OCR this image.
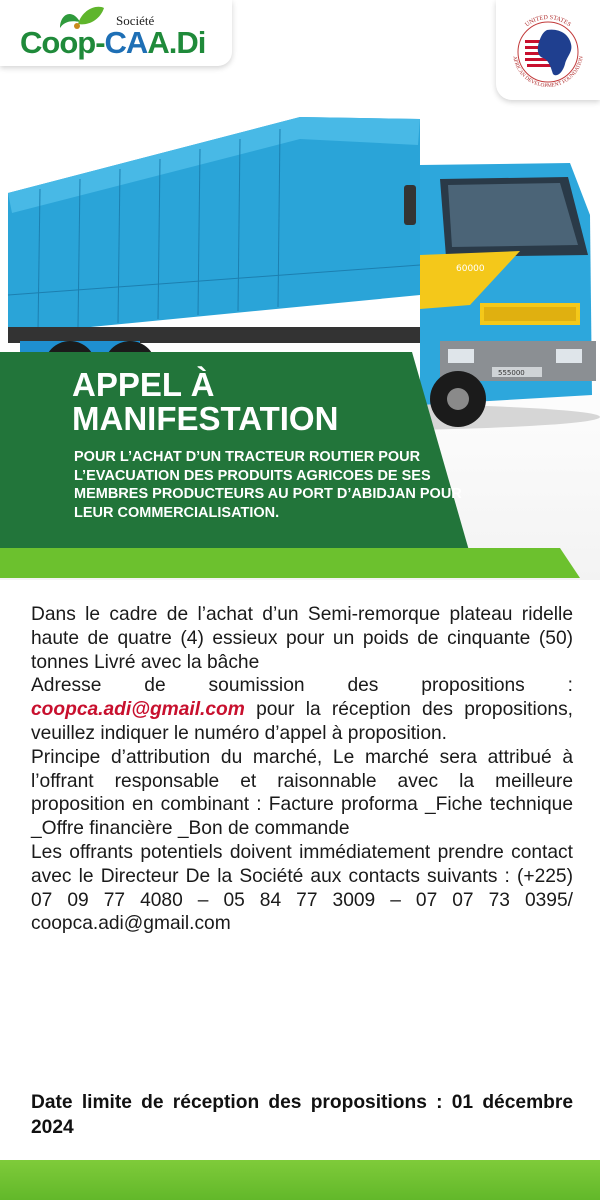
Société
Coop-CAA.Di
UNITED STATES
AFRICAN DEVELOPMENT FOUNDATION
555000
60000
APPEL À
MANIFESTATION
POUR L’ACHAT D’UN TRACTEUR ROUTIER POUR L’EVACUATION DES PRODUITS AGRICOES DE SES MEMBRES PRODUCTEURS AU PORT D’ABIDJAN POUR LEUR COMMERCIALISATION.

Dans le cadre de l’achat d’un Semi-remorque plateau ridelle haute de quatre (4) essieux pour un poids de cinquante (50) tonnes Livré avec la bâche

Adresse de soumission des propositions : coopca.adi@gmail.com pour la réception des propositions, veuillez indiquer le numéro d’appel à proposition.

Principe d’attribution du marché, Le marché sera attribué à l’offrant responsable et raisonnable avec la meilleure proposition en combinant : Facture proforma _Fiche technique _Offre financière _Bon de commande

Les offrants potentiels doivent immédiatement prendre contact avec le Directeur De la Société aux contacts suivants : (+225) 07 09 77 4080 – 05 84 77 3009 – 07 07 73 0395/ coopca.adi@gmail.com

Date limite de réception des propositions : 01 décembre 2024
